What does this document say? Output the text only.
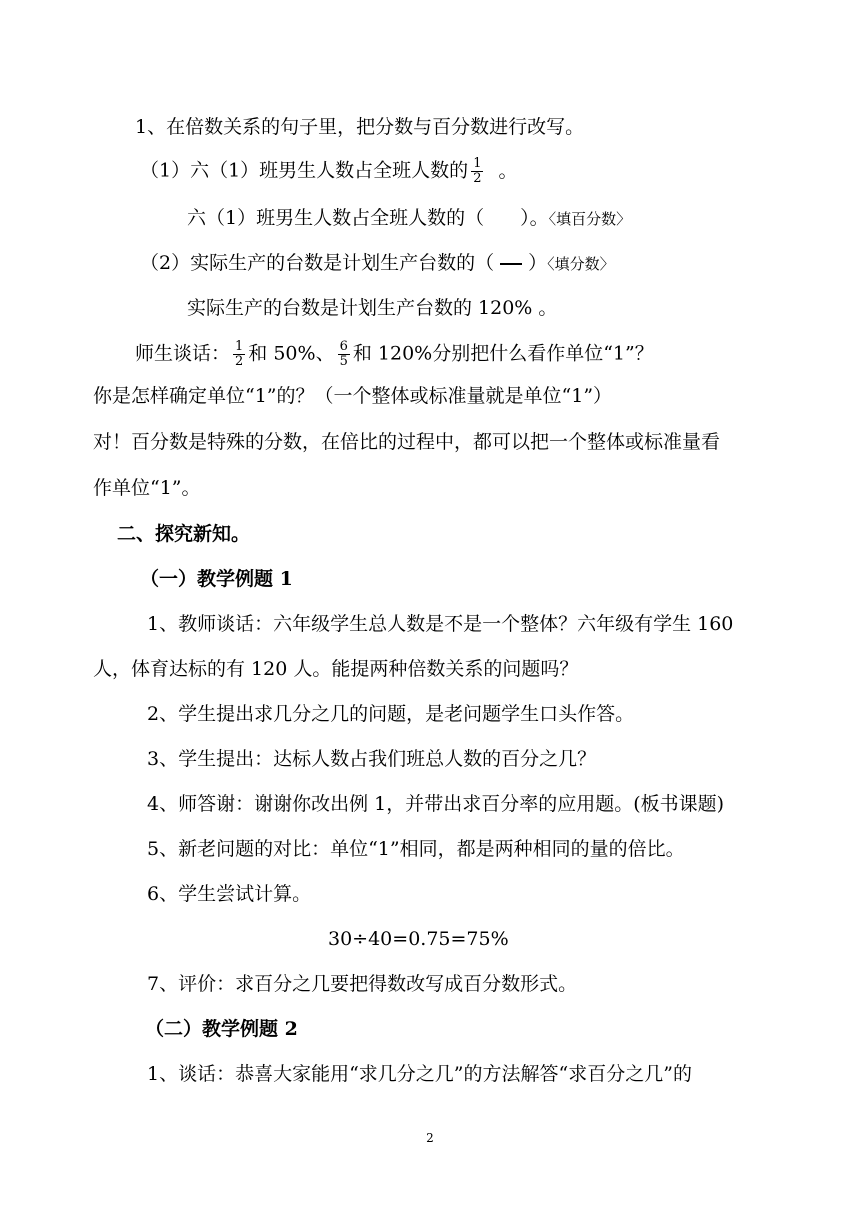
1、在倍数关系的句子里，把分数与百分数进行改写。
（1）六（1）班男生人数占全班人数的 $\frac{1}{2}$ 。
六（1）班男生人数占全班人数的（ ）。〈填百分数〉
（2）实际生产的台数是计划生产台数的（ ）〈填分数〉
实际生产的台数是计划生产台数的 120% 。
师生谈话： $\frac{1}{2}$ 和 50%、 $\frac{6}{5}$ 和 120%分别把什么看作单位“1”？
你是怎样确定单位“1”的？（一个整体或标准量就是单位“1”）
对！百分数是特殊的分数，在倍比的过程中，都可以把一个整体或标准量看
作单位“1”。
二、探究新知。
（一）教学例题 1
1、教师谈话：六年级学生总人数是不是一个整体？六年级有学生 160
人，体育达标的有 120 人。能提两种倍数关系的问题吗？
2、学生提出求几分之几的问题，是老问题学生口头作答。
3、学生提出：达标人数占我们班总人数的百分之几？
4、师答谢：谢谢你改出例 1，并带出求百分率的应用题。(板书课题)
5、新老问题的对比：单位“1”相同，都是两种相同的量的倍比。
6、学生尝试计算。
30÷40=0.75=75%
7、评价：求百分之几要把得数改写成百分数形式。
（二）教学例题 2
1、谈话：恭喜大家能用“求几分之几”的方法解答“求百分之几”的
2
